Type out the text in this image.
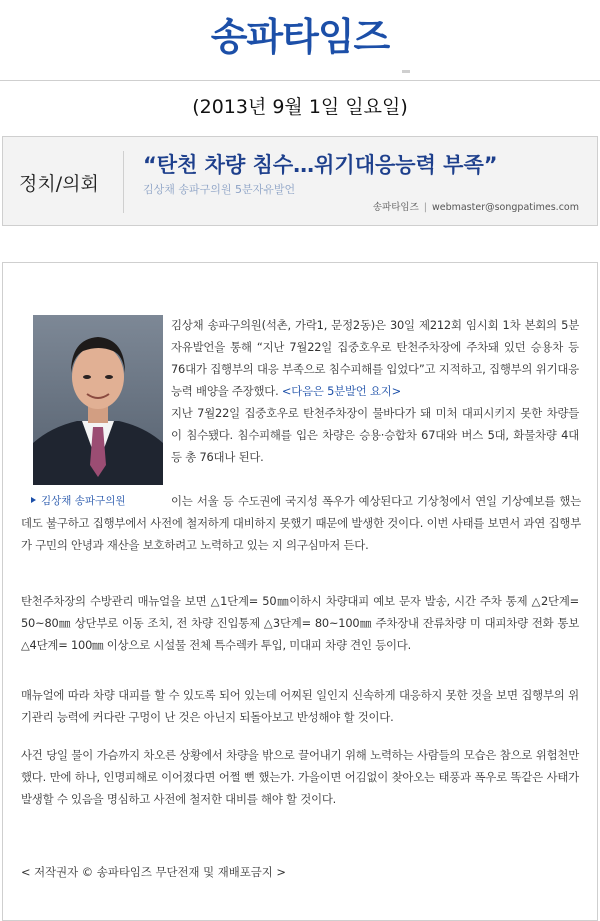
송파타임즈
(2013년 9월 1일 일요일)
정치/의회
“탄천 차량 침수…위기대응능력 부족”
김상채 송파구의원 5분자유발언
송파타임즈 | webmaster@songpatimes.com
김상채 송파구의원
김상채 송파구의원(석촌, 가락1, 문정2동)은 30일 제212회 임시회 1차 본회의 5분자유발언을 통해 “지난 7월22일 집중호우로 탄천주차장에 주차돼 있던 승용차 등 76대가 집행부의 대응 부족으로 침수피해를 입었다”고 지적하고, 집행부의 위기대응 능력 배양을 주장했다. <다음은 5분발언 요지>
지난 7월22일 집중호우로 탄천주차장이 물바다가 돼 미처 대피시키지 못한 차량들이 침수됐다. 침수피해를 입은 차량은 승용·승합차 67대와 버스 5대, 화물차량 4대 등 총 76대나 된다.
이는 서울 등 수도권에 국지성 폭우가 예상된다고 기상청에서 연일 기상예보를 했는데도 불구하고 집행부에서 사전에 철저하게 대비하지 못했기 때문에 발생한 것이다. 이번 사태를 보면서 과연 집행부가 구민의 안녕과 재산을 보호하려고 노력하고 있는 지 의구심마저 든다.
탄천주차장의 수방관리 매뉴얼을 보면 △1단계= 50㎜이하시 차량대피 예보 문자 발송, 시간 주차 통제 △2단계= 50~80㎜ 상단부로 이동 조치, 전 차량 진입통제 △3단계= 80~100㎜ 주차장내 잔류차량 미 대피차량 전화 통보 △4단계= 100㎜ 이상으로 시설물 전체 특수렉카 투입, 미대피 차량 견인 등이다.
매뉴얼에 따라 차량 대피를 할 수 있도록 되어 있는데 어찌된 일인지 신속하게 대응하지 못한 것을 보면 집행부의 위기관리 능력에 커다란 구멍이 난 것은 아닌지 되돌아보고 반성해야 할 것이다.
사건 당일 물이 가슴까지 차오른 상황에서 차량을 밖으로 끌어내기 위해 노력하는 사람들의 모습은 참으로 위험천만했다. 만에 하나, 인명피해로 이어졌다면 어쩔 뻔 했는가. 가을이면 어김없이 찾아오는 태풍과 폭우로 똑같은 사태가 발생할 수 있음을 명심하고 사전에 철저한 대비를 해야 할 것이다.
< 저작권자 © 송파타임즈 무단전재 및 재배포금지 >
